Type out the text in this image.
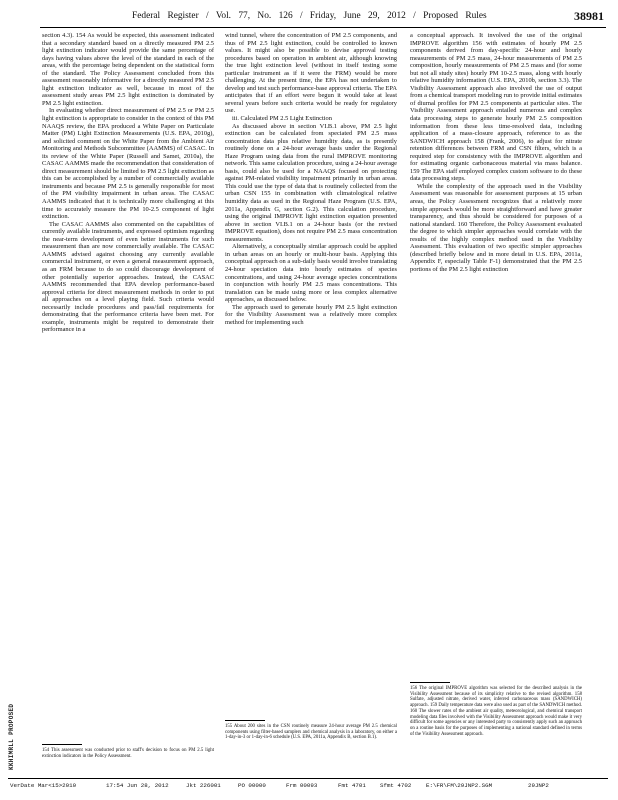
Federal Register / Vol. 77, No. 126 / Friday, June 29, 2012 / Proposed Rules	38981

section 4.3). 154 As would be expected, this assessment indicated that a secondary standard based on a directly measured PM 2.5 light extinction indicator would provide the same percentage of days having values above the level of the standard in each of the areas, with the percentage being dependent on the statistical form of the standard. The Policy Assessment concluded from this assessment reasonably informative for a directly measured PM 2.5 light extinction indicator as well, because in most of the assessment study areas PM 2.5 light extinction is dominated by PM 2.5 light extinction.

In evaluating whether direct measurement of PM 2.5 or PM 2.5 light extinction is appropriate to consider in the context of this PM NAAQS review, the EPA produced a White Paper on Particulate Matter (PM) Light Extinction Measurements (U.S. EPA, 2010g), and solicited comment on the White Paper from the Ambient Air Monitoring and Methods Subcommittee (AAMMS) of CASAC. In its review of the White Paper (Russell and Samet, 2010a), the CASAC AAMMS made the recommendation that consideration of direct measurement should be limited to PM 2.5 light extinction as this can be accomplished by a number of commercially available instruments and because PM 2.5 is generally responsible for most of the PM visibility impairment in urban areas. The CASAC AAMMS indicated that it is technically more challenging at this time to accurately measure the PM 10-2.5 component of light extinction.

The CASAC AAMMS also commented on the capabilities of currently available instruments, and expressed optimism regarding the near-term development of even better instruments for such measurement than are now commercially available. The CASAC AAMMS advised against choosing any currently available commercial instrument, or even a general measurement approach, as an FRM because to do so could discourage development of other potentially superior approaches. Instead, the CASAC AAMMS recommended that EPA develop performance-based approval criteria for direct measurement methods in order to put all approaches on a level playing field. Such criteria would necessarily include procedures and pass/fail requirements for demonstrating that the performance criteria have been met. For example, instruments might be required to demonstrate their performance in a

wind tunnel, where the concentration of PM 2.5 components, and thus of PM 2.5 light extinction, could be controlled to known values. It might also be possible to devise approval testing procedures based on operation in ambient air, although knowing the true light extinction level (without in itself testing some particular instrument as if it were the FRM) would be more challenging. At the present time, the EPA has not undertaken to develop and test such performance-base approval criteria. The EPA anticipates that if an effort were begun it would take at least several years before such criteria would be ready for regulatory use.

iii. Calculated PM 2.5 Light Extinction

As discussed above in section VI.B.1 above, PM 2.5 light extinction can be calculated from speciated PM 2.5 mass concentration data plus relative humidity data, as is presently routinely done on a 24-hour average basis under the Regional Haze Program using data from the rural IMPROVE monitoring network. This same calculation procedure, using a 24-hour average basis, could also be used for a NAAQS focused on protecting against PM-related visibility impairment primarily in urban areas. This could use the type of data that is routinely collected from the urban CSN 155 in combination with climatological relative humidity data as used in the Regional Haze Program (U.S. EPA, 2011a, Appendix G, section G.2). This calculation procedure, using the original IMPROVE light extinction equation presented above in section VI.B.1 on a 24-hour basis (or the revised IMPROVE equation), does not require PM 2.5 mass concentration measurements.

Alternatively, a conceptually similar approach could be applied in urban areas on an hourly or multi-hour basis. Applying this conceptual approach on a sub-daily basis would involve translating 24-hour speciation data into hourly estimates of species concentrations, and using 24-hour average species concentrations in conjunction with hourly PM 2.5 mass concentrations. This translation can be made using more or less complex alternative approaches, as discussed below.

The approach used to generate hourly PM 2.5 light extinction for the Visibility Assessment was a relatively more complex method for implementing such

a conceptual approach. It involved the use of the original IMPROVE algorithm 156 with estimates of hourly PM 2.5 components derived from day-specific 24-hour and hourly measurements of PM 2.5 mass, 24-hour measurements of PM 2.5 composition, hourly measurements of PM 2.5 mass and (for some but not all study sites) hourly PM 10-2.5 mass, along with hourly relative humidity information (U.S. EPA, 2010b, section 3.3). The Visibility Assessment approach also involved the use of output from a chemical transport modeling run to provide initial estimates of diurnal profiles for PM 2.5 components at particular sites. The Visibility Assessment approach entailed numerous and complex data processing steps to generate hourly PM 2.5 composition information from these less time-resolved data, including application of a mass-closure approach, reference to as the SANDWICH approach 158 (Frank, 2006), to adjust for nitrate retention differences between FRM and CSN filters, which is a required step for consistency with the IMPROVE algorithm and for estimating organic carbonaceous material via mass balance. 159 The EPA staff employed complex custom software to do these data processing steps.

While the complexity of the approach used in the Visibility Assessment was reasonable for assessment purposes at 15 urban areas, the Policy Assessment recognizes that a relatively more simple approach would be more straightforward and have greater transparency, and thus should be considered for purposes of a national standard. 160 Therefore, the Policy Assessment evaluated the degree to which simpler approaches would correlate with the results of the highly complex method used in the Visibility Assessment. This evaluation of two specific simpler approaches (described briefly below and in more detail in U.S. EPA, 2011a, Appendix F, especially Table F-1) demonstrated that the PM 2.5 portions of the PM 2.5 light extinction

154 This assessment was conducted prior to staff's decision to focus on PM 2.5 light extinction indicators in the Policy Assessment.

155 About 200 sites in the CSN routinely measure 24-hour average PM 2.5 chemical components using filter-based samplers and chemical analysis in a laboratory, on either a 1-day-in-3 or 1-day-in-6 schedule (U.S. EPA, 2011a, Appendix B, section B.1).

156 The original IMPROVE algorithm was selected for the described analysis in the Visibility Assessment because of its simplicity relative to the revised algorithm. 158 Sulfate, adjusted nitrate, derived water, inferred carbonaceous mass (SANDWICH) approach. 159 Daily temperature data were also used as part of the SANDWICH method. 160 The slower rates of the ambient air quality, meteorological, and chemical transport modeling data files involved with the Visibility Assessment approach would make it very difficult for some agencies or any interested party to consistently apply such an approach on a routine basis for the purposes of implementing a national standard defined in terms of the Visibility Assessment approach.

KKHIMRLL PROPOSED
VerDate Mar<15>2010	17:54 Jun 28, 2012	Jkt 226001	PO 00000	Frm 00093	Fmt 4701 Sfmt 4702	E:\FR\FM\29JNP2.SGM	29JNP2
